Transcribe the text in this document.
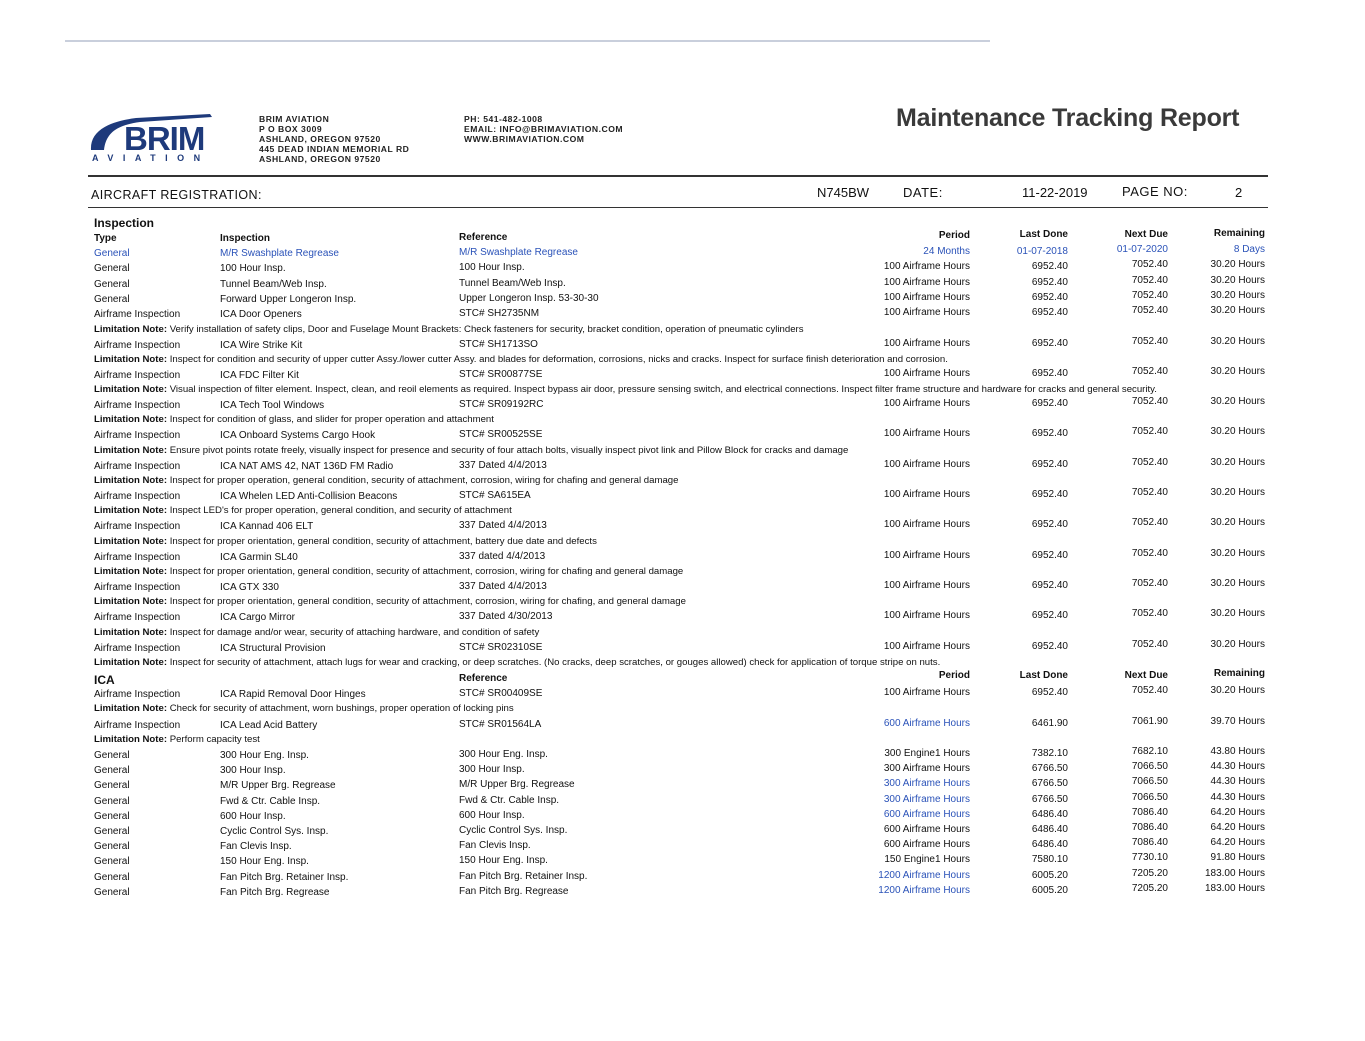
BRIM
AVIATION
BRIM AVIATION
P O BOX 3009
ASHLAND, OREGON 97520
445 DEAD INDIAN MEMORIAL RD
ASHLAND, OREGON 97520
PH: 541-482-1008
EMAIL: INFO@BRIMAVIATION.COM
WWW.BRIMAVIATION.COM
Maintenance Tracking Report
AIRCRAFT REGISTRATION:	N745BW	DATE:	11-22-2019	PAGE NO:	2
Inspection
Type	Inspection	Reference	Period	Last Done	Next Due	Remaining
General	M/R Swashplate Regrease	M/R Swashplate Regrease	24 Months	01-07-2018	01-07-2020	8 Days
General	100 Hour Insp.	100 Hour Insp.	100 Airframe Hours	6952.40	7052.40	30.20 Hours
General	Tunnel Beam/Web Insp.	Tunnel Beam/Web Insp.	100 Airframe Hours	6952.40	7052.40	30.20 Hours
General	Forward Upper Longeron Insp.	Upper Longeron Insp. 53-30-30	100 Airframe Hours	6952.40	7052.40	30.20 Hours
Airframe Inspection	ICA Door Openers	STC# SH2735NM	100 Airframe Hours	6952.40	7052.40	30.20 Hours
Limitation Note: Verify installation of safety clips, Door and Fuselage Mount Brackets: Check fasteners for security, bracket condition, operation of pneumatic cylinders
Airframe Inspection	ICA Wire Strike Kit	STC# SH1713SO	100 Airframe Hours	6952.40	7052.40	30.20 Hours
Limitation Note: Inspect for condition and security of upper cutter Assy./lower cutter Assy. and blades for deformation, corrosions, nicks and cracks. Inspect for surface finish deterioration and corrosion.
Airframe Inspection	ICA FDC Filter Kit	STC# SR00877SE	100 Airframe Hours	6952.40	7052.40	30.20 Hours
Limitation Note: Visual inspection of filter element. Inspect, clean, and reoil elements as required. Inspect bypass air door, pressure sensing switch, and electrical connections. Inspect filter frame structure and hardware for cracks and general security.
Airframe Inspection	ICA Tech Tool Windows	STC# SR09192RC	100 Airframe Hours	6952.40	7052.40	30.20 Hours
Limitation Note: Inspect for condition of glass, and slider for proper operation and attachment
Airframe Inspection	ICA Onboard Systems Cargo Hook	STC# SR00525SE	100 Airframe Hours	6952.40	7052.40	30.20 Hours
Limitation Note: Ensure pivot points rotate freely, visually inspect for presence and security of four attach bolts, visually inspect pivot link and Pillow Block for cracks and damage
Airframe Inspection	ICA NAT AMS 42, NAT 136D FM Radio	337 Dated 4/4/2013	100 Airframe Hours	6952.40	7052.40	30.20 Hours
Limitation Note: Inspect for proper operation, general condition, security of attachment, corrosion, wiring for chafing and general damage
Airframe Inspection	ICA Whelen LED Anti-Collision Beacons	STC# SA615EA	100 Airframe Hours	6952.40	7052.40	30.20 Hours
Limitation Note: Inspect LED's for proper operation, general condition, and security of attachment
Airframe Inspection	ICA Kannad 406 ELT	337 Dated 4/4/2013	100 Airframe Hours	6952.40	7052.40	30.20 Hours
Limitation Note: Inspect for proper orientation, general condition, security of attachment, battery due date and defects
Airframe Inspection	ICA Garmin SL40	337 dated 4/4/2013	100 Airframe Hours	6952.40	7052.40	30.20 Hours
Limitation Note: Inspect for proper orientation, general condition, security of attachment, corrosion, wiring for chafing and general damage
Airframe Inspection	ICA GTX 330	337 Dated 4/4/2013	100 Airframe Hours	6952.40	7052.40	30.20 Hours
Limitation Note: Inspect for proper orientation, general condition, security of attachment, corrosion, wiring for chafing, and general damage
Airframe Inspection	ICA Cargo Mirror	337 Dated 4/30/2013	100 Airframe Hours	6952.40	7052.40	30.20 Hours
Limitation Note: Inspect for damage and/or wear, security of attaching hardware, and condition of safety
Airframe Inspection	ICA Structural Provision	STC# SR02310SE	100 Airframe Hours	6952.40	7052.40	30.20 Hours
Limitation Note: Inspect for security of attachment, attach lugs for wear and cracking, or deep scratches. (No cracks, deep scratches, or gouges allowed) check for application of torque stripe on nuts.
ICA	Reference	Period	Last Done	Next Due	Remaining
Airframe Inspection	ICA Rapid Removal Door Hinges	STC# SR00409SE	100 Airframe Hours	6952.40	7052.40	30.20 Hours
Limitation Note: Check for security of attachment, worn bushings, proper operation of locking pins
Airframe Inspection	ICA Lead Acid Battery	STC# SR01564LA	600 Airframe Hours	6461.90	7061.90	39.70 Hours
Limitation Note: Perform capacity test
General	300 Hour Eng. Insp.	300 Hour Eng. Insp.	300 Engine1 Hours	7382.10	7682.10	43.80 Hours
General	300 Hour Insp.	300 Hour Insp.	300 Airframe Hours	6766.50	7066.50	44.30 Hours
General	M/R Upper Brg. Regrease	M/R Upper Brg. Regrease	300 Airframe Hours	6766.50	7066.50	44.30 Hours
General	Fwd & Ctr. Cable Insp.	Fwd & Ctr. Cable Insp.	300 Airframe Hours	6766.50	7066.50	44.30 Hours
General	600 Hour Insp.	600 Hour Insp.	600 Airframe Hours	6486.40	7086.40	64.20 Hours
General	Cyclic Control Sys. Insp.	Cyclic Control Sys. Insp.	600 Airframe Hours	6486.40	7086.40	64.20 Hours
General	Fan Clevis Insp.	Fan Clevis Insp.	600 Airframe Hours	6486.40	7086.40	64.20 Hours
General	150 Hour Eng. Insp.	150 Hour Eng. Insp.	150 Engine1 Hours	7580.10	7730.10	91.80 Hours
General	Fan Pitch Brg. Retainer Insp.	Fan Pitch Brg. Retainer Insp.	1200 Airframe Hours	6005.20	7205.20	183.00 Hours
General	Fan Pitch Brg. Regrease	Fan Pitch Brg. Regrease	1200 Airframe Hours	6005.20	7205.20	183.00 Hours
